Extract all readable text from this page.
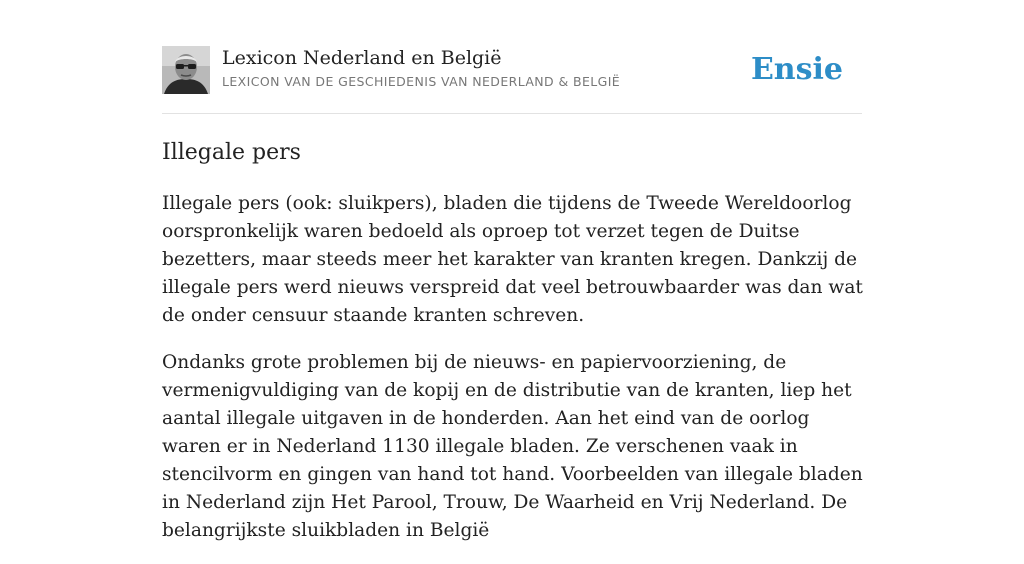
Lexicon Nederland en België
LEXICON VAN DE GESCHIEDENIS VAN NEDERLAND & BELGIË	Ensie
Illegale pers

Illegale pers (ook: sluikpers), bladen die tijdens de Tweede Wereldoorlog oorspronkelijk waren bedoeld als oproep tot verzet tegen de Duitse bezetters, maar steeds meer het karakter van kranten kregen. Dankzij de illegale pers werd nieuws verspreid dat veel betrouwbaarder was dan wat de onder censuur staande kranten schreven.

Ondanks grote problemen bij de nieuws- en papiervoorziening, de vermenigvuldiging van de kopij en de distributie van de kranten, liep het aantal illegale uitgaven in de honderden. Aan het eind van de oorlog waren er in Nederland 1130 illegale bladen. Ze verschenen vaak in stencilvorm en gingen van hand tot hand. Voorbeelden van illegale bladen in Nederland zijn Het Parool, Trouw, De Waarheid en Vrij Nederland. De belangrijkste sluikbladen in België
